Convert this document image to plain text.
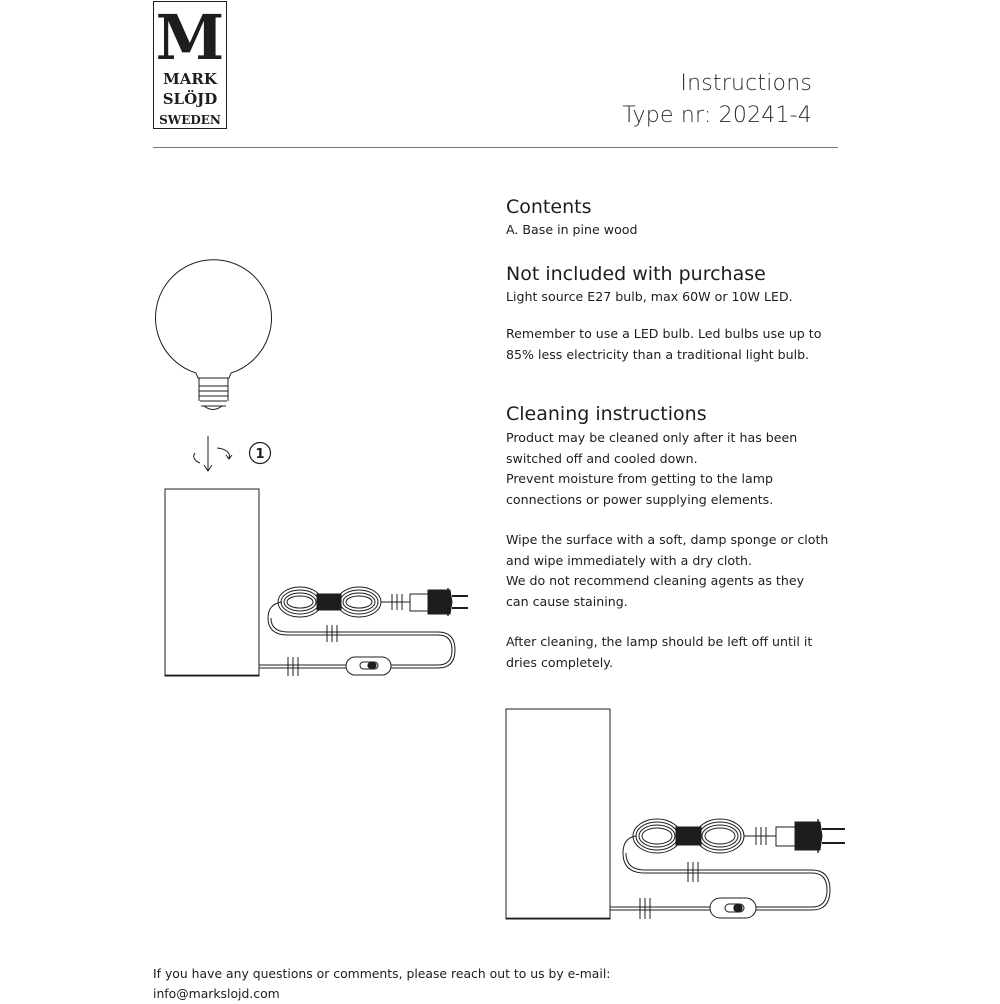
M
MARK
SLÖJD
SWEDEN
Instructions
Type nr: 20241-4
Contents
A. Base in pine wood
Not included with purchase
Light source E27 bulb, max 60W or 10W LED.
Remember to use a LED bulb. Led bulbs use up to
85% less electricity than a traditional light bulb.
Cleaning instructions
Product may be cleaned only after it has been
switched off and cooled down.
Prevent moisture from getting to the lamp
connections or power supplying elements.
Wipe the surface with a soft, damp sponge or cloth
and wipe immediately with a dry cloth.
We do not recommend cleaning agents as they
can cause staining.
After cleaning, the lamp should be left off until it
dries completely.
1
If you have any questions or comments, please reach out to us by e-mail:
info@markslojd.com
